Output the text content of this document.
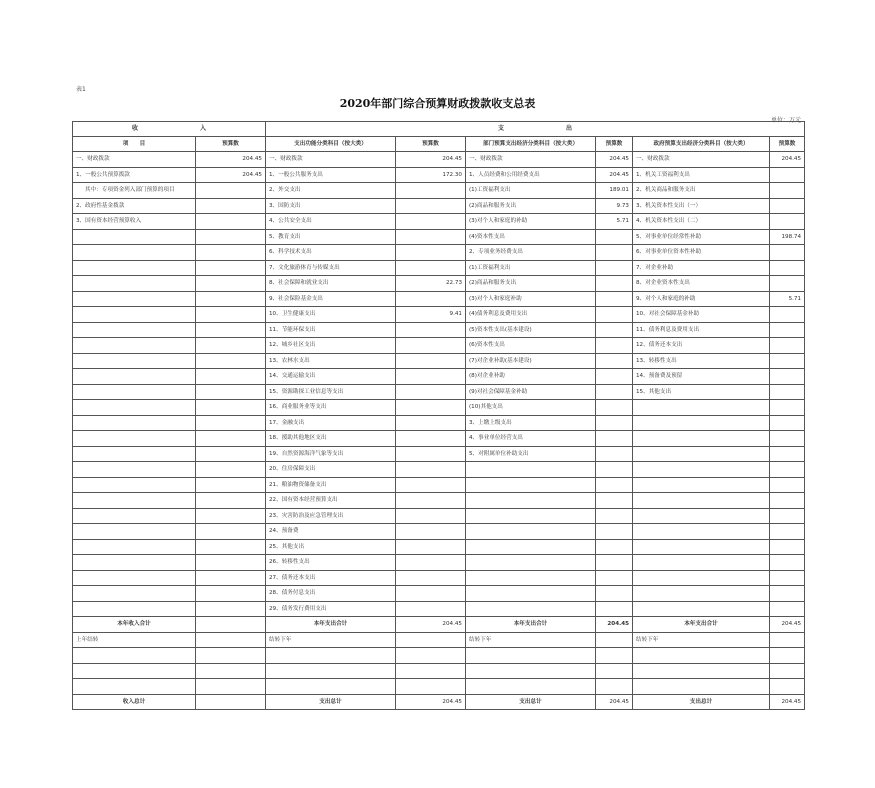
表1
2020年部门综合预算财政拨款收支总表
单位：万元
收 入		支 出					
项　　目	预算数	支出功能分类科目（按大类）	预算数	部门预算支出经济分类科目（按大类）	预算数	政府预算支出经济分类科目（按大类）	预算数
一、财政拨款	204.45	一、财政拨款	204.45	一、财政拨款	204.45	一、财政拨款	204.45
1、一般公共预算拨款	204.45	1、一般公共服务支出	172.30	1、人员经费和公用经费支出	204.45	1、机关工资福利支出	
其中：专项资金列入部门预算的项目		2、外交支出		(1)工资福利支出	189.01	2、机关商品和服务支出	
2、政府性基金拨款		3、国防支出		(2)商品和服务支出	9.73	3、机关资本性支出（一）	
3、国有资本经营预算收入		4、公共安全支出		(3)对个人和家庭的补助	5.71	4、机关资本性支出（二）	
		5、教育支出		(4)资本性支出		5、对事业单位经常性补助	198.74
		6、科学技术支出		2、专项业务经费支出		6、对事业单位资本性补助	
		7、文化旅游体育与传媒支出		(1)工资福利支出		7、对企业补助	
		8、社会保障和就业支出	22.73	(2)商品和服务支出		8、对企业资本性支出	
		9、社会保险基金支出		(3)对个人和家庭补助		9、对个人和家庭的补助	5.71
		10、卫生健康支出	9.41	(4)债务利息及费用支出		10、对社会保障基金补助	
		11、节能环保支出		(5)资本性支出(基本建设)		11、债务利息及费用支出	
		12、城乡社区支出		(6)资本性支出		12、债务还本支出	
		13、农林水支出		(7)对企业补助(基本建设)		13、转移性支出	
		14、交通运输支出		(8)对企业补助		14、预备费及预留	
		15、资源勘探工业信息等支出		(9)对社会保障基金补助		15、其他支出	
		16、商业服务业等支出		(10)其他支出			
		17、金融支出		3、上缴上级支出			
		18、援助其他地区支出		4、事业单位经营支出			
		19、自然资源海洋气象等支出		5、对附属单位补助支出			
		20、住房保障支出					
		21、粮油物资储备支出					
		22、国有资本经营预算支出					
		23、灾害防治及应急管理支出					
		24、预备费					
		25、其他支出					
		26、转移性支出					
		27、债务还本支出					
		28、债务付息支出					
		29、债务发行费用支出					
本年收入合计		本年支出合计	204.45	本年支出合计	204.45	本年支出合计	204.45
上年结转		结转下年		结转下年		结转下年	

收入总计		支出总计	204.45	支出总计	204.45	支出总计	204.45
